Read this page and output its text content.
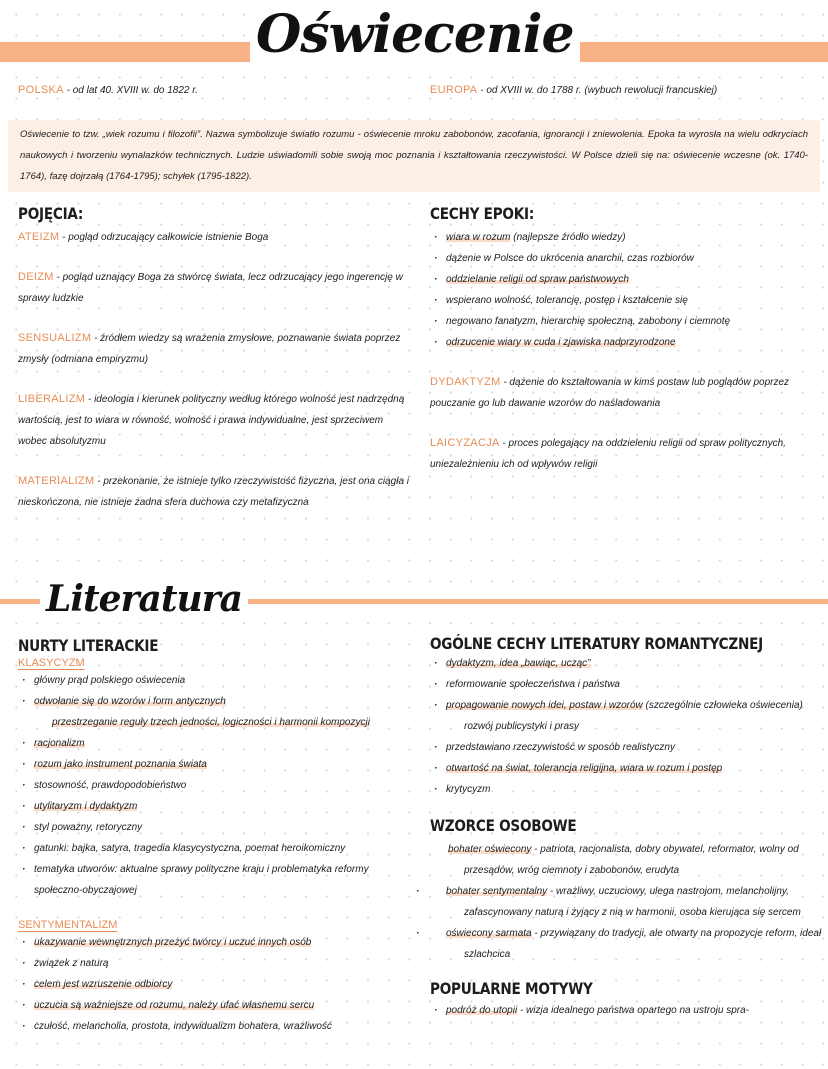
Oświecenie
POLSKA - od lat 40. XVIII w. do 1822 r.	EUROPA - od XVIII w. do 1788 r. (wybuch rewolucji francuskiej)
Oświecenie to tzw. „wiek rozumu i filozofii”. Nazwa symbolizuje światło rozumu - oświecenie mroku zabobonów, zacofania, ignorancji i zniewolenia. Epoka ta wyrosła na wielu odkryciach naukowych i tworzeniu wynalazków technicznych. Ludzie uświadomili sobie swoją moc poznania i kształtowania rzeczywistości. W Polsce dzieli się na: oświecenie wczesne (ok. 1740-1764), fazę dojrzałą (1764-1795); schyłek (1795-1822).
POJĘCIA:
ATEIZM - pogląd odrzucający całkowicie istnienie Boga
DEIZM - pogląd uznający Boga za stwórcę świata, lecz odrzucający jego ingerencję w sprawy ludzkie
SENSUALIZM - źródłem wiedzy są wrażenia zmysłowe, poznawanie świata poprzez zmysły (odmiana empiryzmu)
LIBERALIZM - ideologia i kierunek polityczny według którego wolność jest nadrzędną wartością, jest to wiara w równość, wolność i prawa indywidualne, jest sprzeciwem wobec absolutyzmu
MATERIALIZM - przekonanie, że istnieje tylko rzeczywistość fizyczna, jest ona ciągła i nieskończona, nie istnieje żadna sfera duchowa czy metafizyczna
CECHY EPOKI:
· wiara w rozum (najlepsze źródło wiedzy)
· dążenie w Polsce do ukrócenia anarchii, czas rozbiorów
· oddzielanie religii od spraw państwowych
· wspierano wolność, tolerancję, postęp i kształcenie się
· negowano fanatyzm, hierarchię społeczną, zabobony i ciemnotę
· odrzucenie wiary w cuda i zjawiska nadprzyrodzone
DYDAKTYZM - dążenie do kształtowania w kimś postaw lub poglądów poprzez pouczanie go lub dawanie wzorów do naśladowania
LAICYZACJA - proces polegający na oddzieleniu religii od spraw politycznych, uniezależnieniu ich od wpływów religii
Literatura
NURTY LITERACKIE
KLASYCYZM
· główny prąd polskiego oświecenia
· odwołanie się do wzorów i form antycznych
przestrzeganie reguły trzech jedności, logiczności i harmonii kompozycji
· racjonalizm
· rozum jako instrument poznania świata
· stosowność, prawdopodobieństwo
· utylitaryzm i dydaktyzm
· styl poważny, retoryczny
· gatunki: bajka, satyra, tragedia klasycystyczna, poemat heroikomiczny
· tematyka utworów: aktualne sprawy polityczne kraju i problematyka reformy społeczno-obyczajowej
SENTYMENTALIZM
· ukazywanie wewnętrznych przeżyć twórcy i uczuć innych osób
· związek z naturą
· celem jest wzruszenie odbiorcy
· uczucia są ważniejsze od rozumu, należy ufać własnemu sercu
· czułość, melancholia, prostota, indywidualizm bohatera, wrażliwość
OGÓLNE CECHY LITERATURY ROMANTYCZNEJ
· dydaktyzm, idea „bawiąc, ucząc”
· reformowanie społeczeństwa i państwa
· propagowanie nowych idei, postaw i wzorów (szczególnie człowieka oświecenia)
rozwój publicystyki i prasy
· przedstawiano rzeczywistość w sposób realistyczny
· otwartość na świat, tolerancja religijna, wiara w rozum i postęp
· krytycyzm
WZORCE OSOBOWE
bohater oświecony - patriota, racjonalista, dobry obywatel, reformator, wolny od przesądów, wróg ciemnoty i zabobonów, erudyta
· bohater sentymentalny - wrażliwy, uczuciowy, ulega nastrojom, melancholijny, zafascynowany naturą i żyjący z nią w harmonii, osoba kierująca się sercem
· oświecony sarmata - przywiązany do tradycji, ale otwarty na propozycje reform, ideał szlachcica
POPULARNE MOTYWY
· podróż do utopii - wizja idealnego państwa opartego na ustroju spra-
